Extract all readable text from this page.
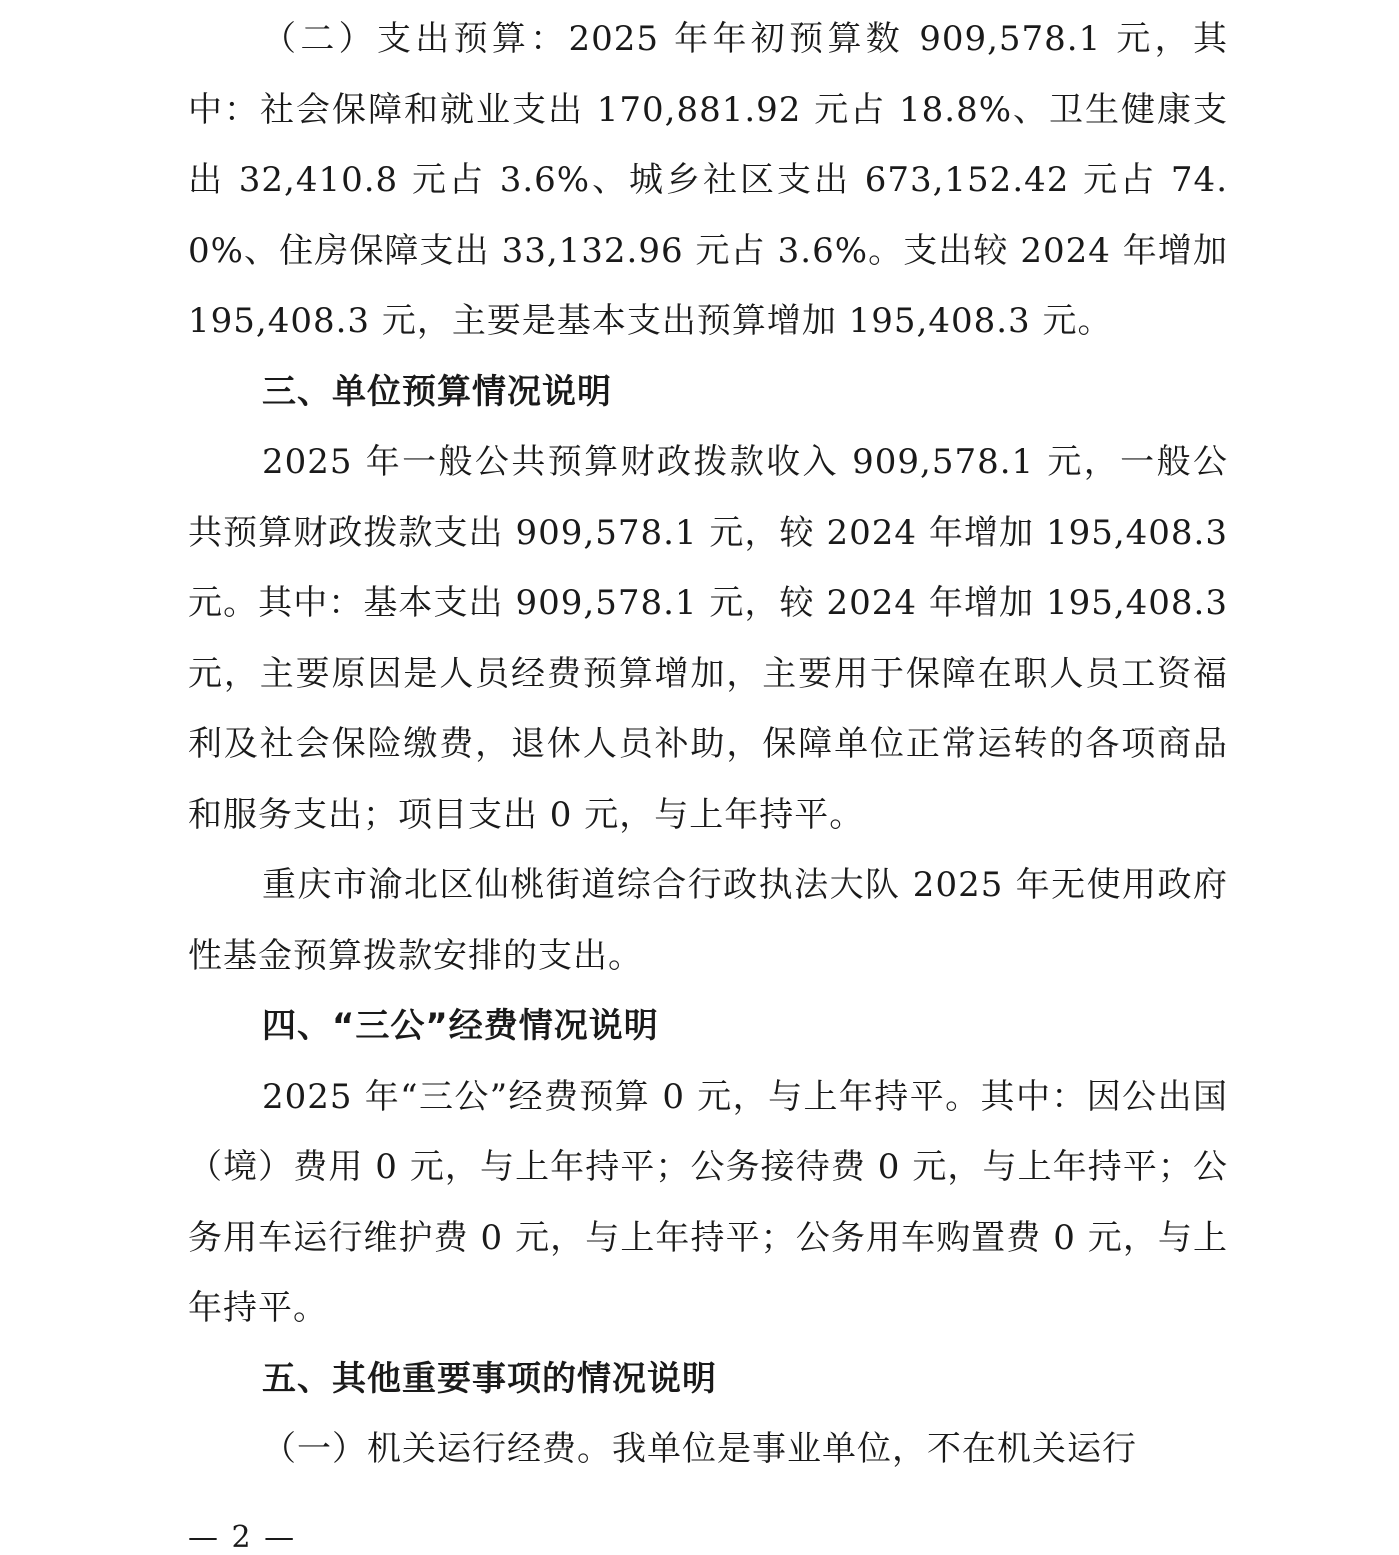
（二）支出预算：2025 年年初预算数 909,578.1 元，其中：社会保障和就业支出 170,881.92 元占 18.8%、卫生健康支出 32,410.8 元占 3.6%、城乡社区支出 673,152.42 元占 74.0%、住房保障支出 33,132.96 元占 3.6%。支出较 2024 年增加 195,408.3 元，主要是基本支出预算增加 195,408.3 元。

三、单位预算情况说明

2025 年一般公共预算财政拨款收入 909,578.1 元，一般公共预算财政拨款支出 909,578.1 元，较 2024 年增加 195,408.3 元。其中：基本支出 909,578.1 元，较 2024 年增加 195,408.3 元，主要原因是人员经费预算增加，主要用于保障在职人员工资福利及社会保险缴费，退休人员补助，保障单位正常运转的各项商品和服务支出；项目支出 0 元，与上年持平。

重庆市渝北区仙桃街道综合行政执法大队 2025 年无使用政府性基金预算拨款安排的支出。

四、“三公”经费情况说明

2025 年“三公”经费预算 0 元，与上年持平。其中：因公出国（境）费用 0 元，与上年持平；公务接待费 0 元，与上年持平；公务用车运行维护费 0 元，与上年持平；公务用车购置费 0 元，与上年持平。

五、其他重要事项的情况说明

（一）机关运行经费。我单位是事业单位，不在机关运行

— 2 —
